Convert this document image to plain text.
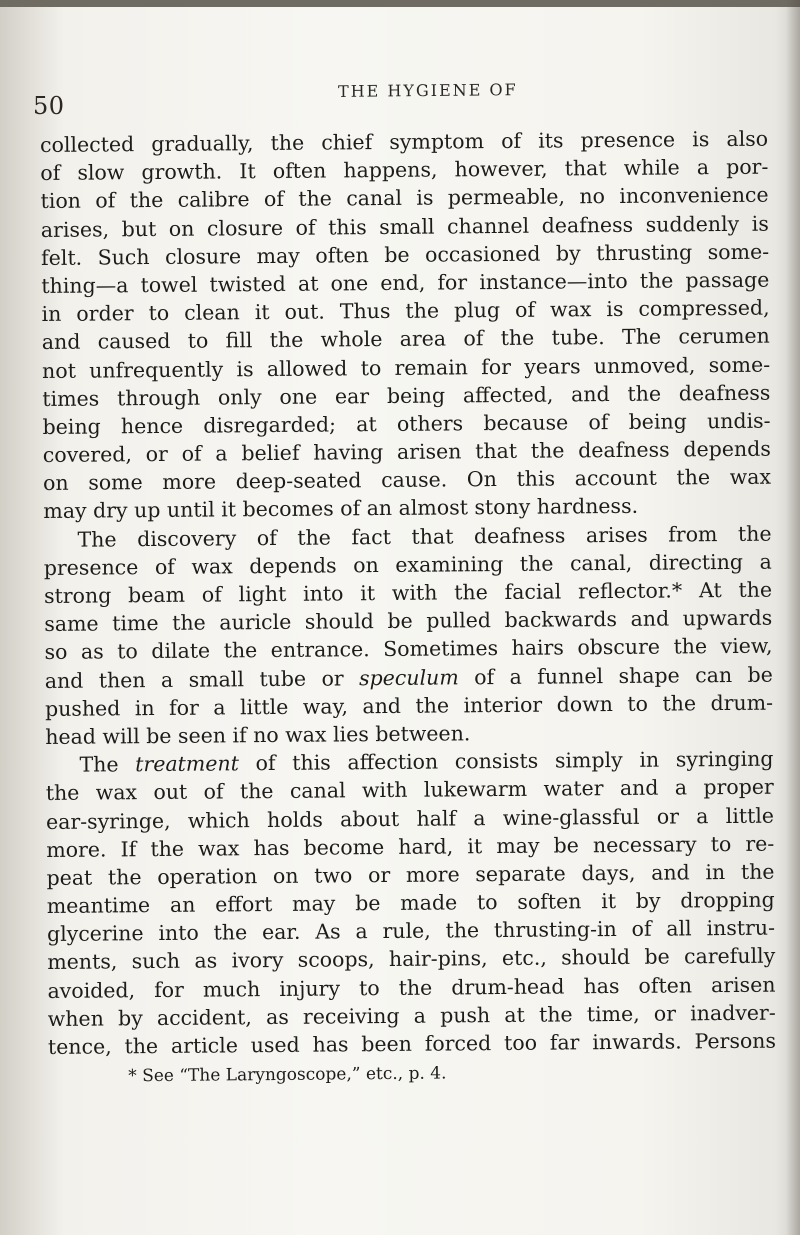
50
THE HYGIENE OF
collected gradually, the chief symptom of its presence is also
of slow growth. It often happens, however, that while a por-
tion of the calibre of the canal is permeable, no inconvenience
arises, but on closure of this small channel deafness suddenly is
felt. Such closure may often be occasioned by thrusting some-
thing—a towel twisted at one end, for instance—into the passage
in order to clean it out. Thus the plug of wax is compressed,
and caused to fill the whole area of the tube. The cerumen
not unfrequently is allowed to remain for years unmoved, some-
times through only one ear being affected, and the deafness
being hence disregarded; at others because of being undis-
covered, or of a belief having arisen that the deafness depends
on some more deep-seated cause. On this account the wax
may dry up until it becomes of an almost stony hardness.
The discovery of the fact that deafness arises from the
presence of wax depends on examining the canal, directing a
strong beam of light into it with the facial reflector.* At the
same time the auricle should be pulled backwards and upwards
so as to dilate the entrance. Sometimes hairs obscure the view,
and then a small tube or speculum of a funnel shape can be
pushed in for a little way, and the interior down to the drum-
head will be seen if no wax lies between.
The treatment of this affection consists simply in syringing
the wax out of the canal with lukewarm water and a proper
ear-syringe, which holds about half a wine-glassful or a little
more. If the wax has become hard, it may be necessary to re-
peat the operation on two or more separate days, and in the
meantime an effort may be made to soften it by dropping
glycerine into the ear. As a rule, the thrusting-in of all instru-
ments, such as ivory scoops, hair-pins, etc., should be carefully
avoided, for much injury to the drum-head has often arisen
when by accident, as receiving a push at the time, or inadver-
tence, the article used has been forced too far inwards. Persons
* See “The Laryngoscope,” etc., p. 4.
